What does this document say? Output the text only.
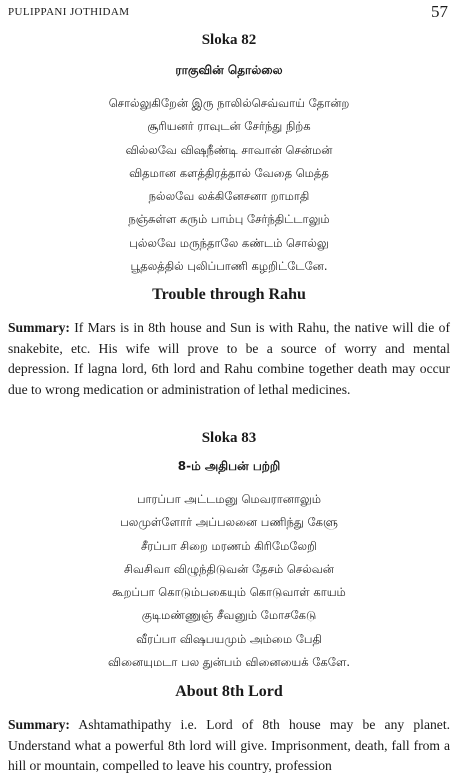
PULIPPANI JOTHIDAM	57
Sloka 82
ராகுவின் தொல்லை
சொல்லுகிறேன் இரு நாலில்செவ்வாய் தோன்ற
சூரியனர் ராவுடன் சேர்ந்து நிற்க
வில்லவே விஷநீண்டி சாவான் சென்மன்
விதமான களத்திரத்தால் வேதை மெத்த
நல்லவே லக்கினேசனா றாமாதி
நஞ்சுள்ள கரும் பாம்பு சேர்ந்திட்டாலும்
புல்லவே மருந்தாலே கண்டம் சொல்லு
பூதலத்தில் புலிப்பாணி கழறிட்டேனே.
Trouble through Rahu

Summary: If Mars is in 8th house and Sun is with Rahu, the native will die of snakebite, etc. His wife will prove to be a source of worry and mental depression. If lagna lord, 6th lord and Rahu combine together death may occur due to wrong medication or administration of lethal medicines.

Sloka 83
8-ம் அதிபன் பற்றி
பாரப்பா அட்டமனு மெவரானாலும்
பலமுள்ளோர் அப்பலனை பணிந்து கேளு
சீரப்பா சிறை மரணம் கிரிமேலேறி
சிவசிவா விழுந்திடுவன் தேசம் செல்வன்
கூறப்பா கொடும்பகையும் கொடுவாள் காயம்
குடிமண்ணுஞ் சீவனும் மோசகேடு
வீரப்பா விஷபயமும் அம்மை பேதி
வினையுமடா பல துன்பம் வினையைக் கேளே.
About 8th Lord

Summary: Ashtamathipathy i.e. Lord of 8th house may be any planet. Understand what a powerful 8th lord will give. Imprisonment, death, fall from a hill or mountain, compelled to leave his country, profession
